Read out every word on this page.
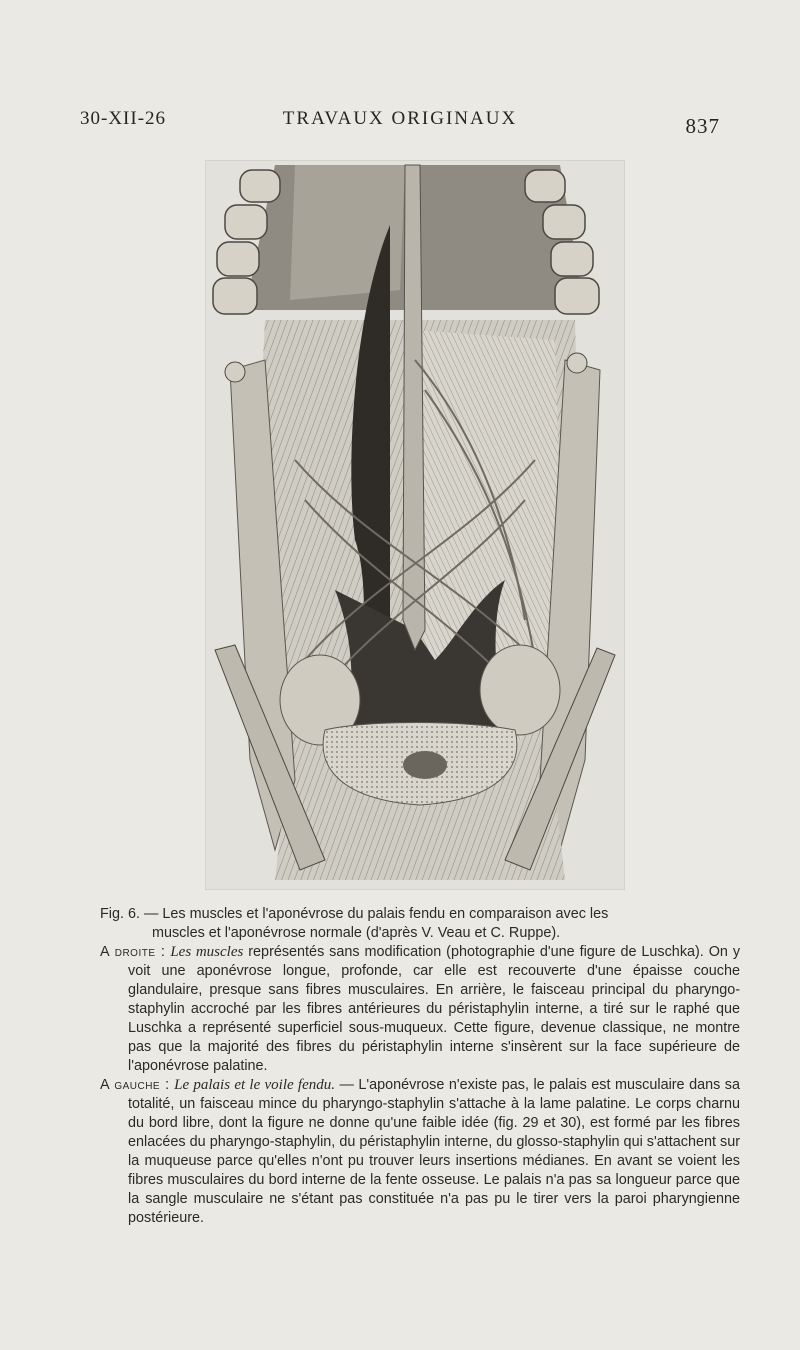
30-XII-26	TRAVAUX ORIGINAUX	837

Fig. 6. — Les muscles et l'aponévrose du palais fendu en comparaison avec les
muscles et l'aponévrose normale (d'après V. Veau et C. Ruppe).

A droite : Les muscles représentés sans modification (photographie d'une figure de Luschka). On y voit une aponévrose longue, profonde, car elle est recouverte d'une épaisse couche glandulaire, presque sans fibres musculaires. En arrière, le faisceau principal du pharyngo-staphylin accroché par les fibres antérieures du péristaphylin interne, a tiré sur le raphé que Luschka a représenté superficiel sous-muqueux. Cette figure, devenue classique, ne montre pas que la majorité des fibres du péristaphylin interne s'insèrent sur la face supérieure de l'aponévrose palatine.

A gauche : Le palais et le voile fendu. — L'aponévrose n'existe pas, le palais est musculaire dans sa totalité, un faisceau mince du pharyngo-staphylin s'attache à la lame palatine. Le corps charnu du bord libre, dont la figure ne donne qu'une faible idée (fig. 29 et 30), est formé par les fibres enlacées du pharyngo-staphylin, du péristaphylin interne, du glosso-staphylin qui s'attachent sur la muqueuse parce qu'elles n'ont pu trouver leurs insertions médianes. En avant se voient les fibres musculaires du bord interne de la fente osseuse. Le palais n'a pas sa longueur parce que la sangle musculaire ne s'étant pas constituée n'a pas pu le tirer vers la paroi pharyngienne postérieure.
